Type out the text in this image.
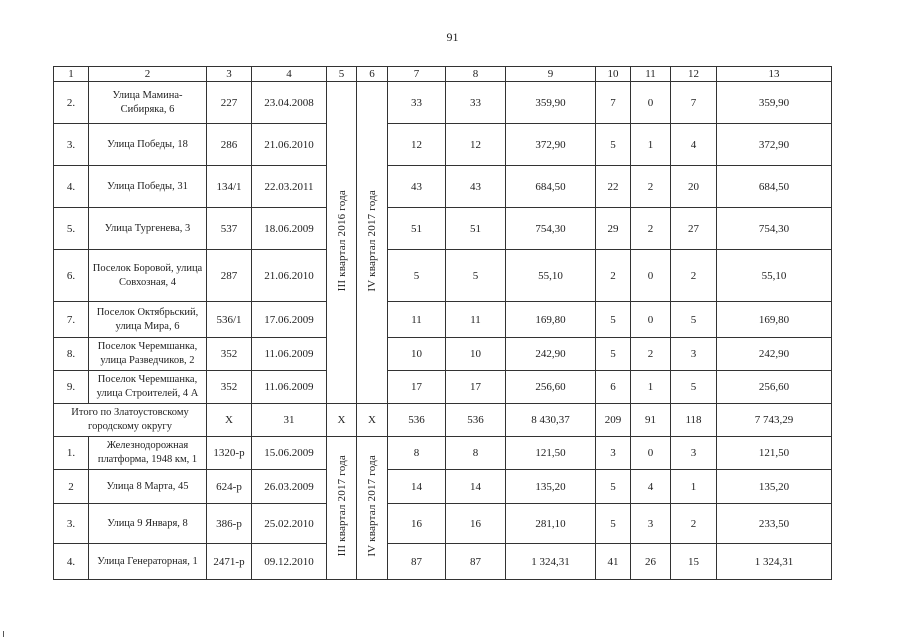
91
1	2	3	4	5	6	7	8	9	10	11	12	13
2.	Улица Мамина-Сибиряка, 6	227	23.04.2008	III квартал 2016 года	IV квартал 2017 года	33	33	359,90	7	0	7	359,90
3.	Улица Победы, 18	286	21.06.2010			12	12	372,90	5	1	4	372,90
4.	Улица Победы, 31	134/1	22.03.2011			43	43	684,50	22	2	20	684,50
5.	Улица Тургенева, 3	537	18.06.2009			51	51	754,30	29	2	27	754,30
6.	Поселок Боровой, улица Совхозная, 4	287	21.06.2010			5	5	55,10	2	0	2	55,10
7.	Поселок Октябрьский, улица Мира, 6	536/1	17.06.2009			11	11	169,80	5	0	5	169,80
8.	Поселок Черемшанка, улица Разведчиков, 2	352	11.06.2009			10	10	242,90	5	2	3	242,90
9.	Поселок Черемшанка, улица Строителей, 4 А	352	11.06.2009			17	17	256,60	6	1	5	256,60
Итого по Златоустовскому городскому округу		X	31	X	X	536	536	8 430,37	209	91	118	7 743,29
1.	Железнодорожная платформа, 1948 км, 1	1320-р	15.06.2009	III квартал 2017 года	IV квартал 2017 года	8	8	121,50	3	0	3	121,50
2	Улица 8 Марта, 45	624-р	26.03.2009			14	14	135,20	5	4	1	135,20
3.	Улица 9 Января, 8	386-р	25.02.2010			16	16	281,10	5	3	2	233,50
4.	Улица Генераторная, 1	2471-р	09.12.2010			87	87	1 324,31	41	26	15	1 324,31
